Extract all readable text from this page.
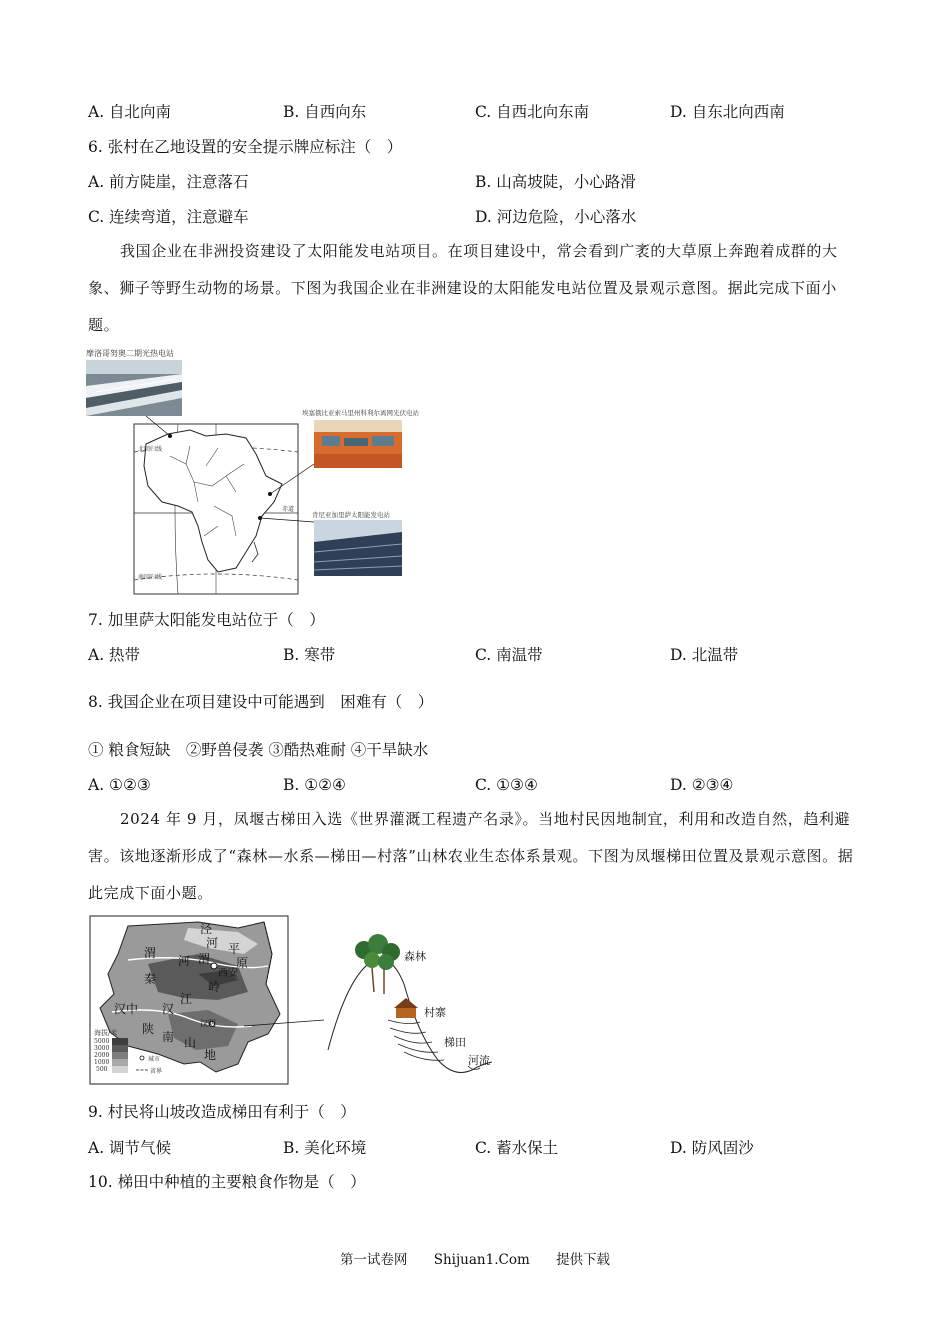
A. 自北向南	B. 自西向东	C. 自西北向东南	D. 自东北向西南
6. 张村在乙地设置的安全提示牌应标注（　）
A. 前方陡崖，注意落石	B. 山高坡陡，小心路滑
C. 连续弯道，注意避车	D. 河边危险，小心落水
我国企业在非洲投资建设了太阳能发电站项目。在项目建设中，常会看到广袤的大草原上奔跑着成群的大象、狮子等野生动物的场景。下图为我国企业在非洲建设的太阳能发电站位置及景观示意图。据此完成下面小题。
摩洛哥努奥二期光热电站
北回归线
赤道
南回归线
埃塞俄比亚索马里州科利尔离网光伏电站
肯尼亚加里萨太阳能发电站
7. 加里萨太阳能发电站位于（　）
A. 热带	B. 寒带	C. 南温带	D. 北温带
8. 我国企业在项目建设中可能遇到　困难有（　）
① 粮食短缺　②野兽侵袭 ③酷热难耐 ④干旱缺水
A. ①②③	B. ①②④	C. ①③④	D. ②③④
2024 年 9 月，凤堰古梯田入选《世界灌溉工程遗产名录》。当地村民因地制宜，利用和改造自然，趋利避害。该地逐渐形成了“森林—水系—梯田—村落”山林农业生态体系景观。下图为凤堰梯田位置及景观示意图。据此完成下面小题。
泾
河 平
原
渭
河 渭
西安
秦
岭
汉中 汉
江
陕
南 山
地
汉阴
海拔/米
5000
3000
2000
1000
500
城市
省界
森林
村寨
梯田
河流
9. 村民将山坡改造成梯田有利于（　）
A. 调节气候	B. 美化环境	C. 蓄水保土	D. 防风固沙
10. 梯田中种植的主要粮食作物是（　）
第一试卷网 Shijuan1.Com 提供下载
